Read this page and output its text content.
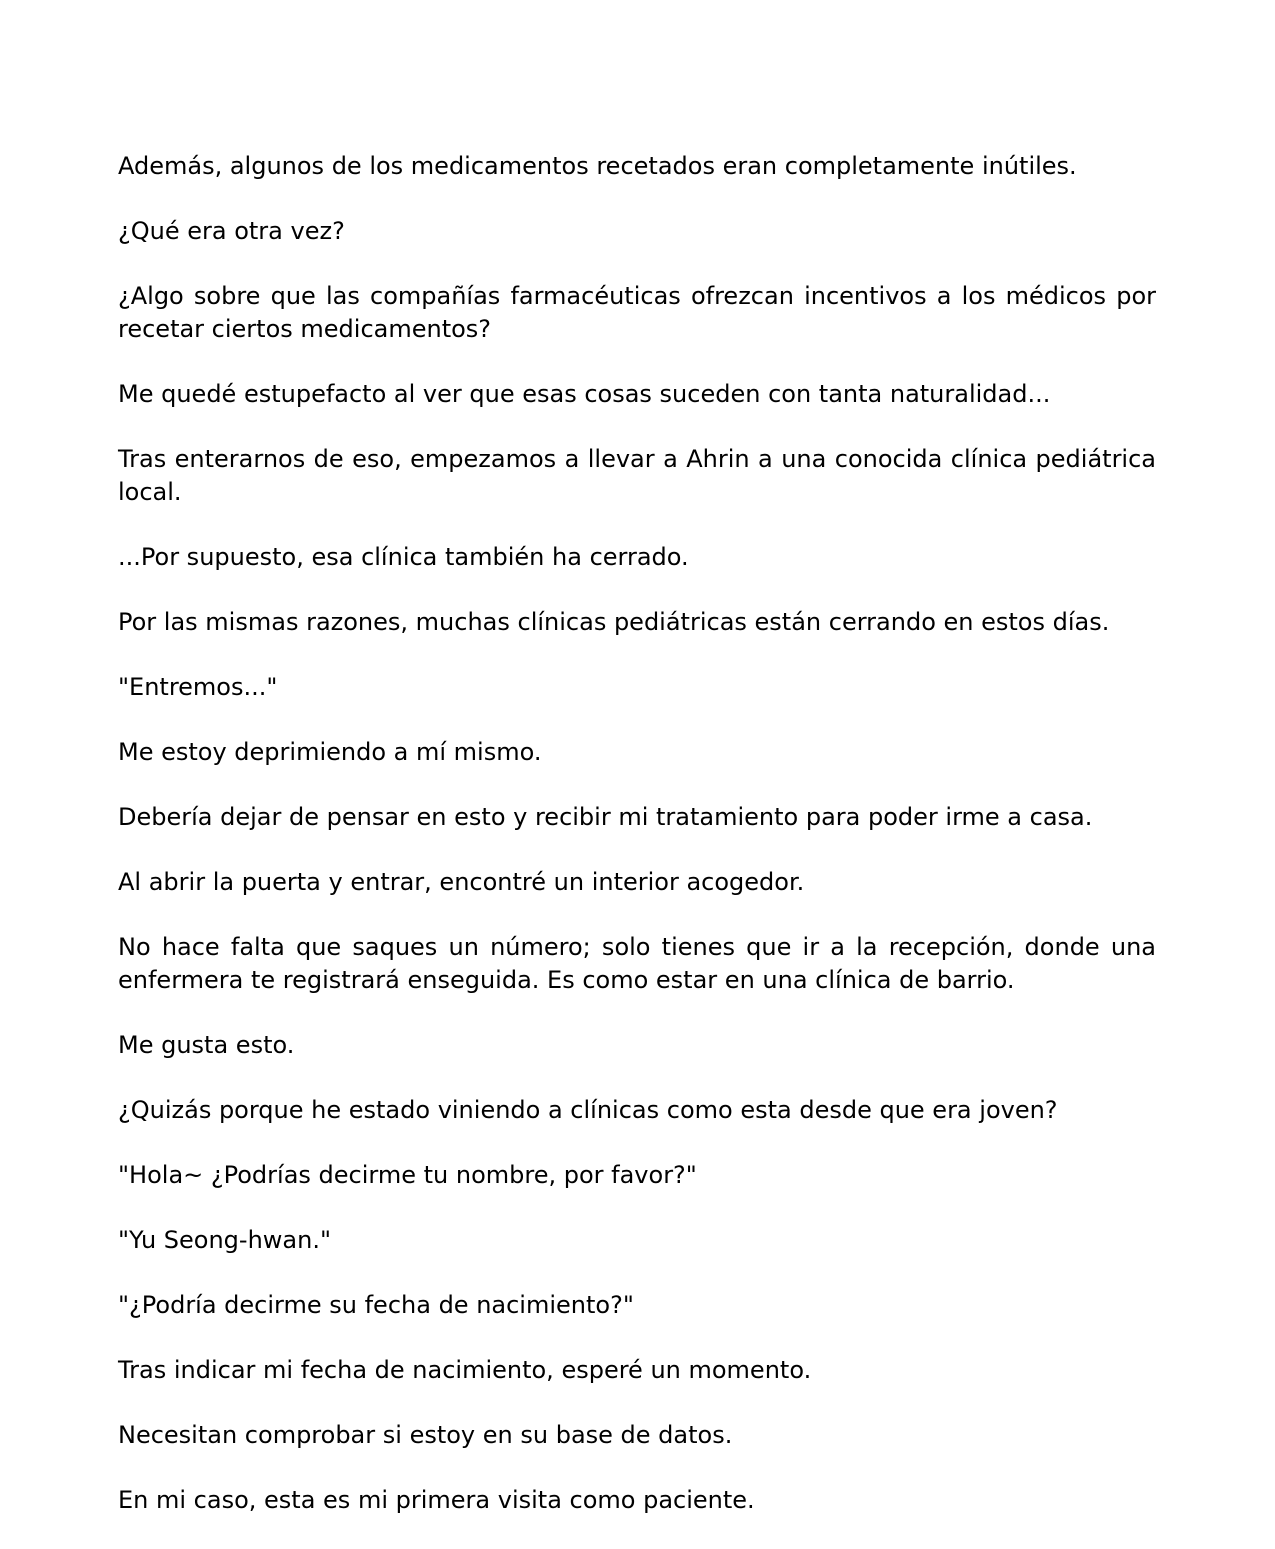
Además, algunos de los medicamentos recetados eran completamente inútiles.

¿Qué era otra vez?

¿Algo sobre que las compañías farmacéuticas ofrezcan incentivos a los médicos por recetar ciertos medicamentos?

Me quedé estupefacto al ver que esas cosas suceden con tanta naturalidad...

Tras enterarnos de eso, empezamos a llevar a Ahrin a una conocida clínica pediátrica local.

...Por supuesto, esa clínica también ha cerrado.

Por las mismas razones, muchas clínicas pediátricas están cerrando en estos días.

"Entremos..."

Me estoy deprimiendo a mí mismo.

Debería dejar de pensar en esto y recibir mi tratamiento para poder irme a casa.

Al abrir la puerta y entrar, encontré un interior acogedor.

No hace falta que saques un número; solo tienes que ir a la recepción, donde una enfermera te registrará enseguida. Es como estar en una clínica de barrio.

Me gusta esto.

¿Quizás porque he estado viniendo a clínicas como esta desde que era joven?

"Hola~ ¿Podrías decirme tu nombre, por favor?"

"Yu Seong-hwan."

"¿Podría decirme su fecha de nacimiento?"

Tras indicar mi fecha de nacimiento, esperé un momento.

Necesitan comprobar si estoy en su base de datos.

En mi caso, esta es mi primera visita como paciente.
